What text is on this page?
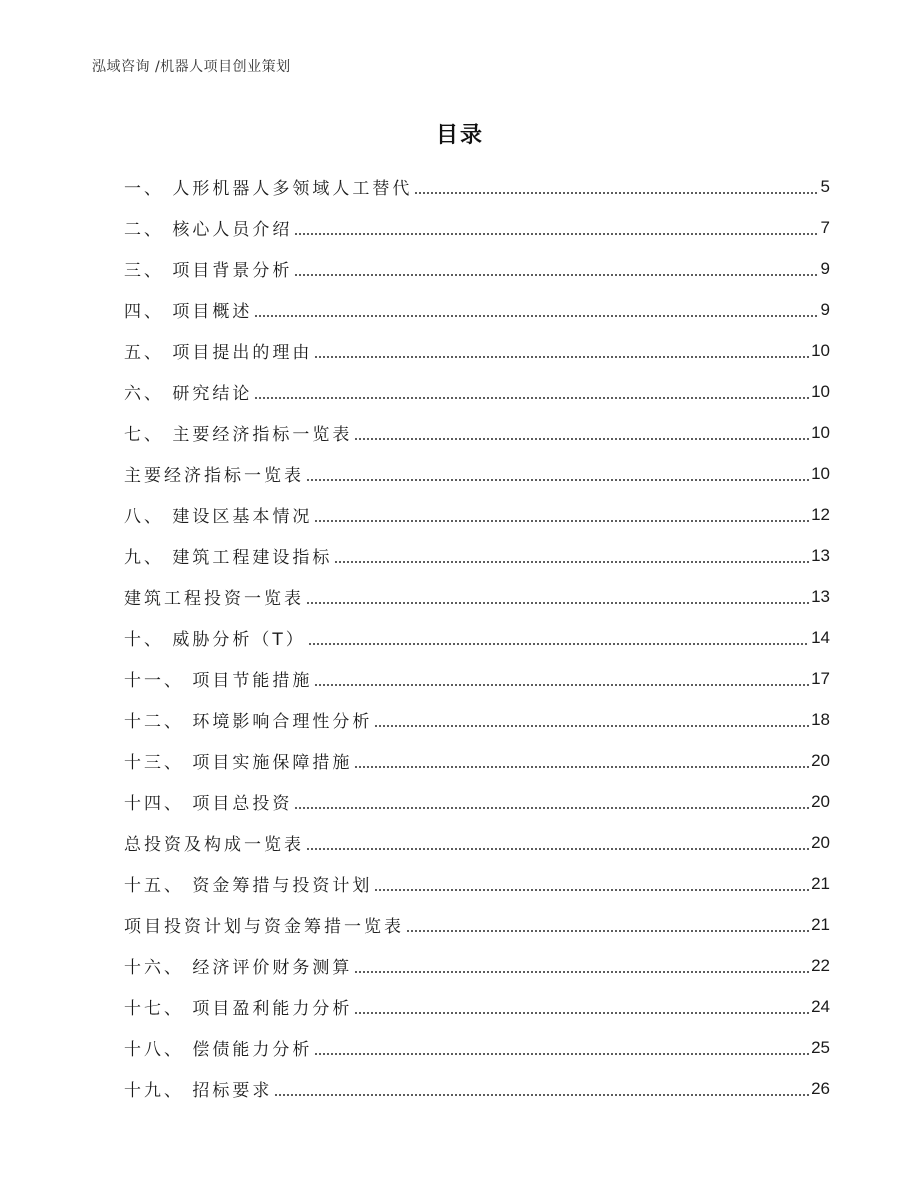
泓域咨询 /机器人项目创业策划
目录
一、 人形机器人多领域人工替代	5
二、 核心人员介绍	7
三、 项目背景分析	9
四、 项目概述	9
五、 项目提出的理由	10
六、 研究结论	10
七、 主要经济指标一览表	10
主要经济指标一览表	10
八、 建设区基本情况	12
九、 建筑工程建设指标	13
建筑工程投资一览表	13
十、 威胁分析（T）	14
十一、 项目节能措施	17
十二、 环境影响合理性分析	18
十三、 项目实施保障措施	20
十四、 项目总投资	20
总投资及构成一览表	20
十五、 资金筹措与投资计划	21
项目投资计划与资金筹措一览表	21
十六、 经济评价财务测算	22
十七、 项目盈利能力分析	24
十八、 偿债能力分析	25
十九、 招标要求	26
